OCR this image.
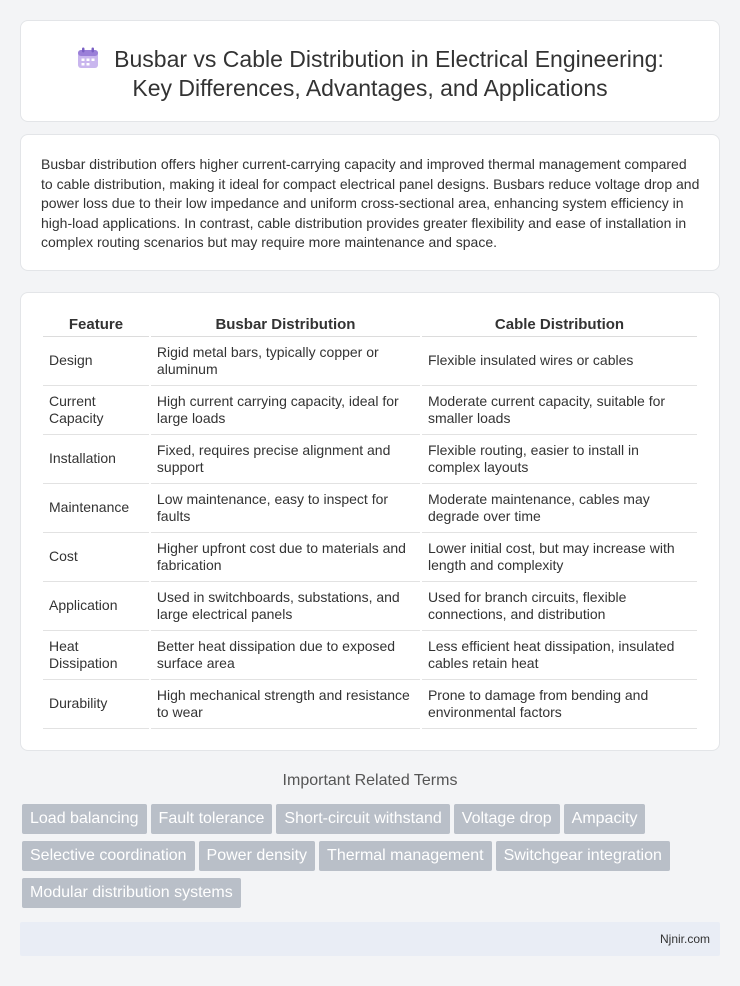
Busbar vs Cable Distribution in Electrical Engineering:
Key Differences, Advantages, and Applications

Busbar distribution offers higher current-carrying capacity and improved thermal management compared to cable distribution, making it ideal for compact electrical panel designs. Busbars reduce voltage drop and power loss due to their low impedance and uniform cross-sectional area, enhancing system efficiency in high-load applications. In contrast, cable distribution provides greater flexibility and ease of installation in complex routing scenarios but may require more maintenance and space.

Feature	Busbar Distribution	Cable Distribution
Design	Rigid metal bars, typically copper or aluminum	Flexible insulated wires or cables
Current Capacity	High current carrying capacity, ideal for large loads	Moderate current capacity, suitable for smaller loads
Installation	Fixed, requires precise alignment and support	Flexible routing, easier to install in complex layouts
Maintenance	Low maintenance, easy to inspect for faults	Moderate maintenance, cables may degrade over time
Cost	Higher upfront cost due to materials and fabrication	Lower initial cost, but may increase with length and complexity
Application	Used in switchboards, substations, and large electrical panels	Used for branch circuits, flexible connections, and distribution
Heat Dissipation	Better heat dissipation due to exposed surface area	Less efficient heat dissipation, insulated cables retain heat
Durability	High mechanical strength and resistance to wear	Prone to damage from bending and environmental factors
Important Related Terms
Load balancing Fault tolerance Short-circuit withstand Voltage drop Ampacity
Selective coordination Power density Thermal management Switchgear integration
Modular distribution systems
Njnir.com
